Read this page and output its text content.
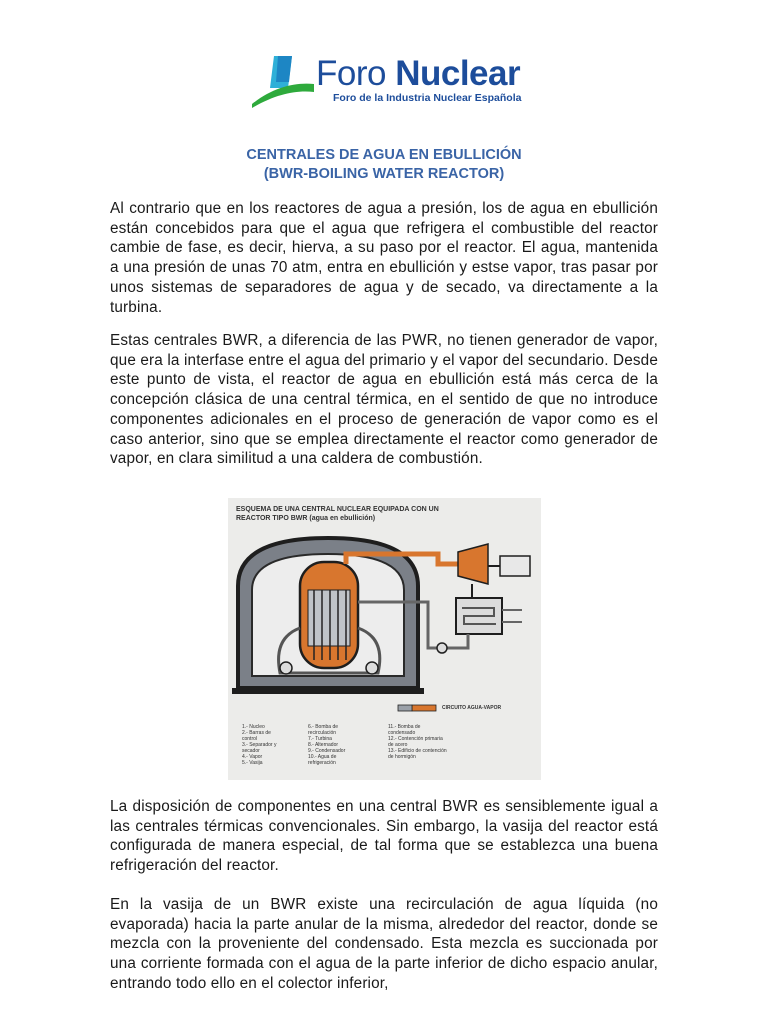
Foro Nuclear
Foro de la Industria Nuclear Española
CENTRALES DE AGUA EN EBULLICIÓN
(BWR-BOILING WATER REACTOR)

Al contrario que en los reactores de agua a presión, los de agua en ebullición están concebidos para que el agua que refrigera el combustible del reactor cambie de fase, es decir, hierva, a su paso por el reactor. El agua, mantenida a una presión de unas 70 atm, entra en ebullición y estse vapor, tras pasar por unos sistemas de separadores de agua y de secado, va directamente a la turbina.

Estas centrales BWR, a diferencia de las PWR, no tienen generador de vapor, que era la interfase entre el agua del primario y el vapor del secundario. Desde este punto de vista, el reactor de agua en ebullición está más cerca de la concepción clásica de una central térmica, en el sentido de que no introduce componentes adicionales en el proceso de generación de vapor como es el caso anterior, sino que se emplea directamente el reactor como generador de vapor, en clara similitud a una caldera de combustión.

ESQUEMA DE UNA CENTRAL NUCLEAR EQUIPADA CON UN
REACTOR TIPO BWR (agua en ebullición)
CIRCUITO AGUA-VAPOR
1.- Nucleo
2.- Barras de
control
3.- Separador y
secador
4.- Vapor
5.- Vasija
6.- Bomba de
recirculación
7.- Turbina
8.- Alternador
9.- Condensador
10.- Agua de
refrigeración
11.- Bomba de
condensado
12.- Contención primaria
de acero
13.- Edificio de contención
de hormigón

La disposición de componentes en una central BWR es sensiblemente igual a las centrales térmicas convencionales. Sin embargo, la vasija del reactor está configurada de manera especial, de tal forma que se establezca una buena refrigeración del reactor.

En la vasija de un BWR existe una recirculación de agua líquida (no evaporada) hacia la parte anular de la misma, alrededor del reactor, donde se mezcla con la proveniente del condensado. Esta mezcla es succionada por una corriente formada con el agua de la parte inferior de dicho espacio anular, entrando todo ello en el colector inferior,
